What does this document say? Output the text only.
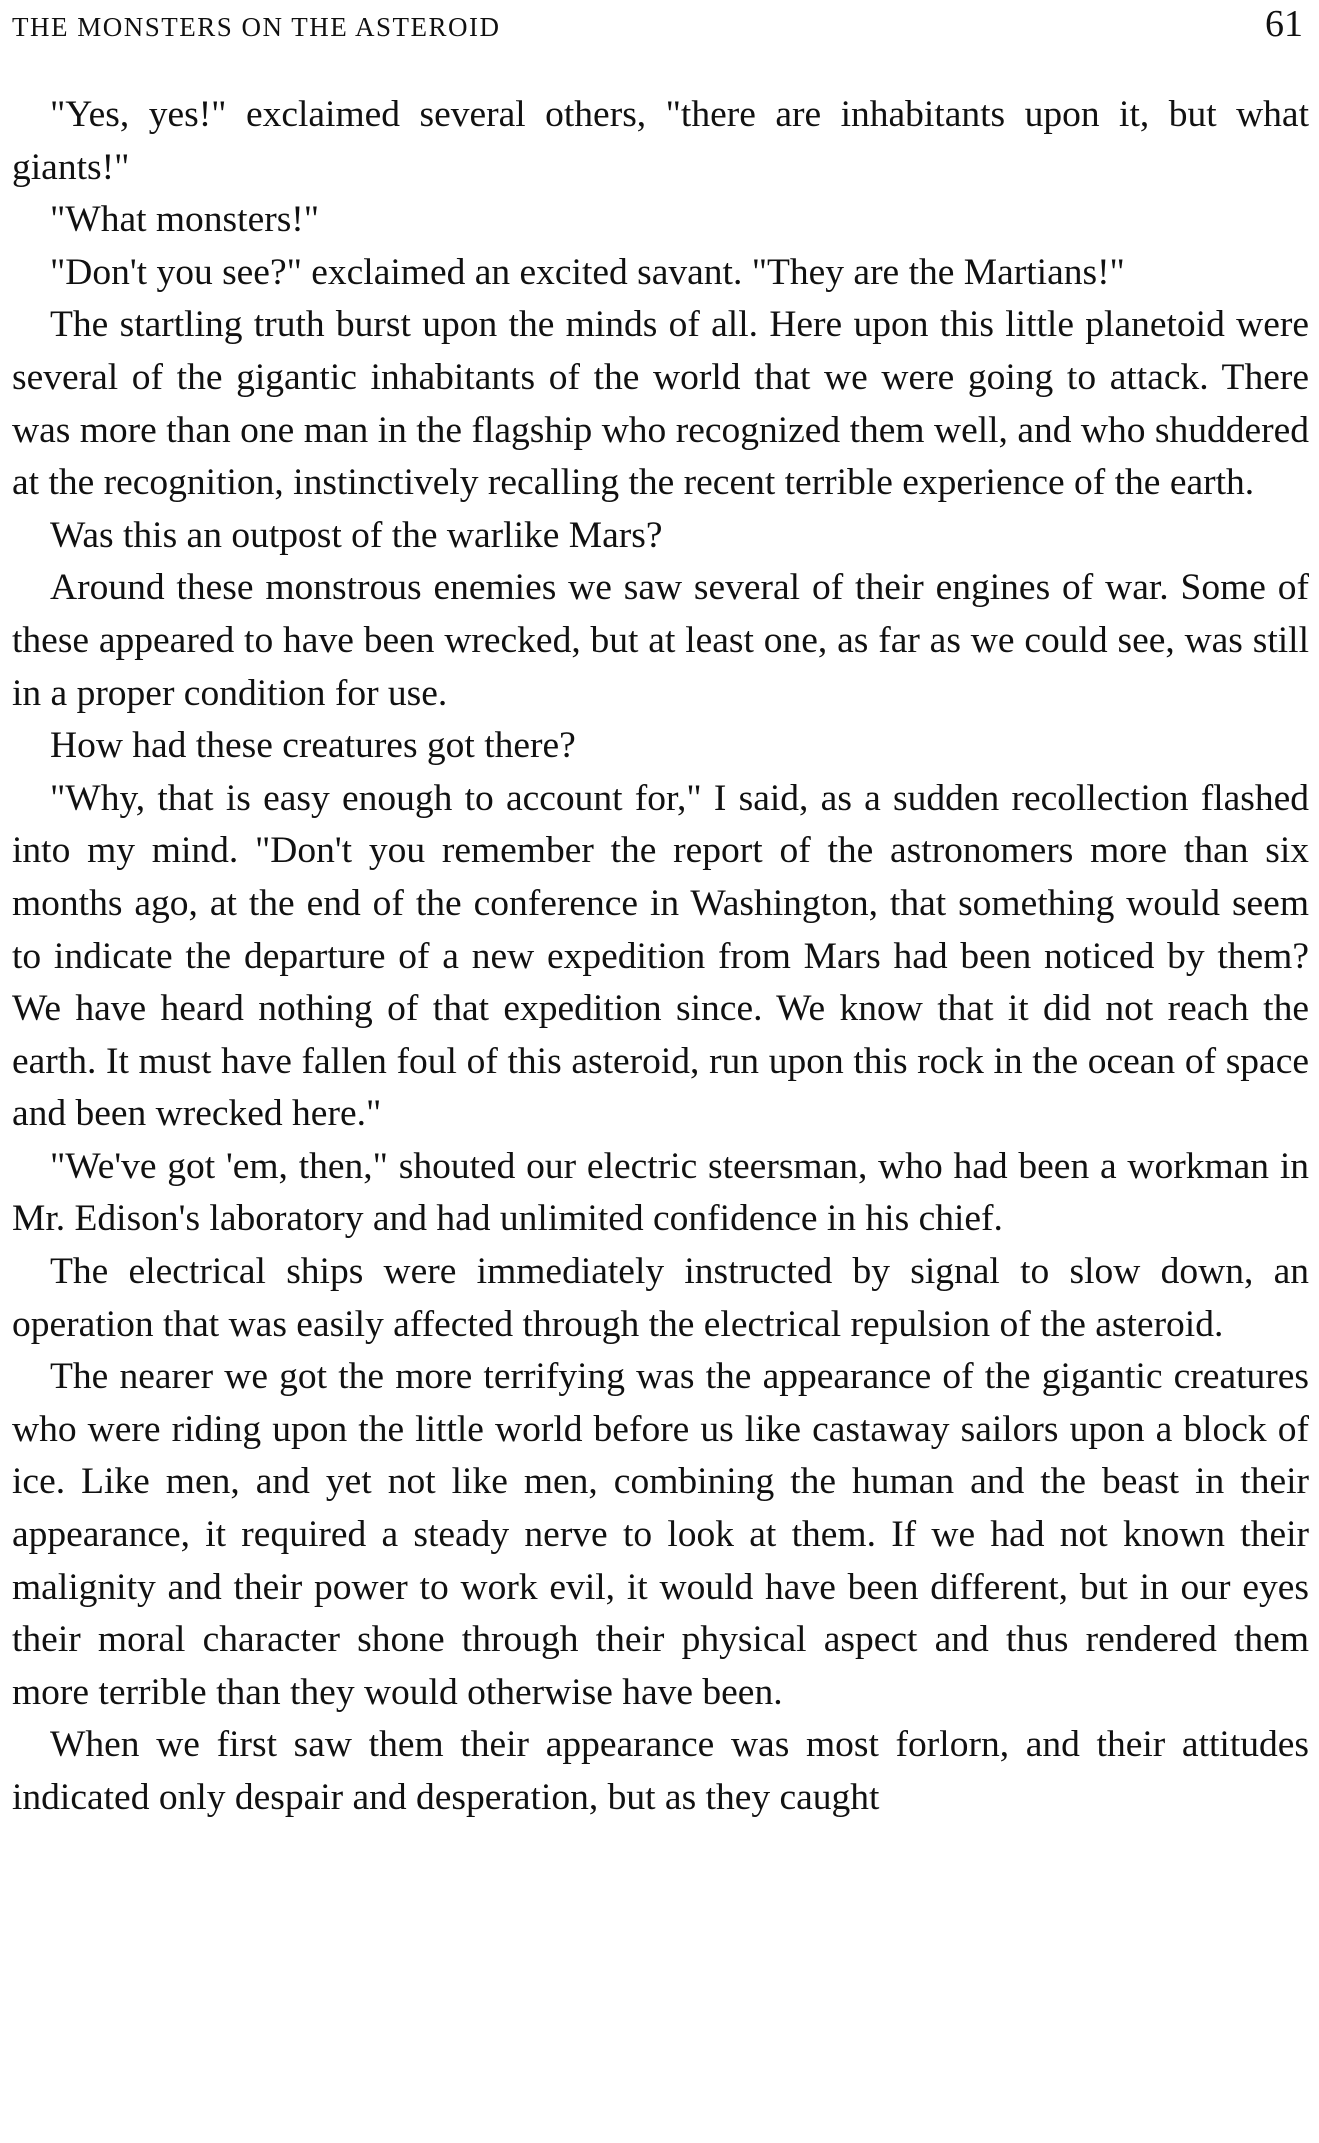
THE MONSTERS ON THE ASTEROID	61

"Yes, yes!" exclaimed several others, "there are inhabitants upon it, but what giants!"

"What monsters!"

"Don't you see?" exclaimed an excited savant. "They are the Martians!"

The startling truth burst upon the minds of all. Here upon this little planetoid were several of the gigantic inhabitants of the world that we were going to attack. There was more than one man in the flagship who recognized them well, and who shuddered at the recognition, instinctively recalling the recent terrible experience of the earth.

Was this an outpost of the warlike Mars?

Around these monstrous enemies we saw several of their engines of war. Some of these appeared to have been wrecked, but at least one, as far as we could see, was still in a proper condition for use.

How had these creatures got there?

"Why, that is easy enough to account for," I said, as a sudden recollection flashed into my mind. "Don't you remember the report of the astronomers more than six months ago, at the end of the conference in Washington, that something would seem to indicate the departure of a new expedition from Mars had been noticed by them? We have heard nothing of that expedition since. We know that it did not reach the earth. It must have fallen foul of this asteroid, run upon this rock in the ocean of space and been wrecked here."

"We've got 'em, then," shouted our electric steersman, who had been a workman in Mr. Edison's laboratory and had unlimited confidence in his chief.

The electrical ships were immediately instructed by signal to slow down, an operation that was easily affected through the electrical repulsion of the asteroid.

The nearer we got the more terrifying was the appearance of the gigantic creatures who were riding upon the little world before us like castaway sailors upon a block of ice. Like men, and yet not like men, combining the human and the beast in their appearance, it required a steady nerve to look at them. If we had not known their malignity and their power to work evil, it would have been different, but in our eyes their moral character shone through their physical aspect and thus rendered them more terrible than they would otherwise have been.

When we first saw them their appearance was most forlorn, and their attitudes indicated only despair and desperation, but as they caught
